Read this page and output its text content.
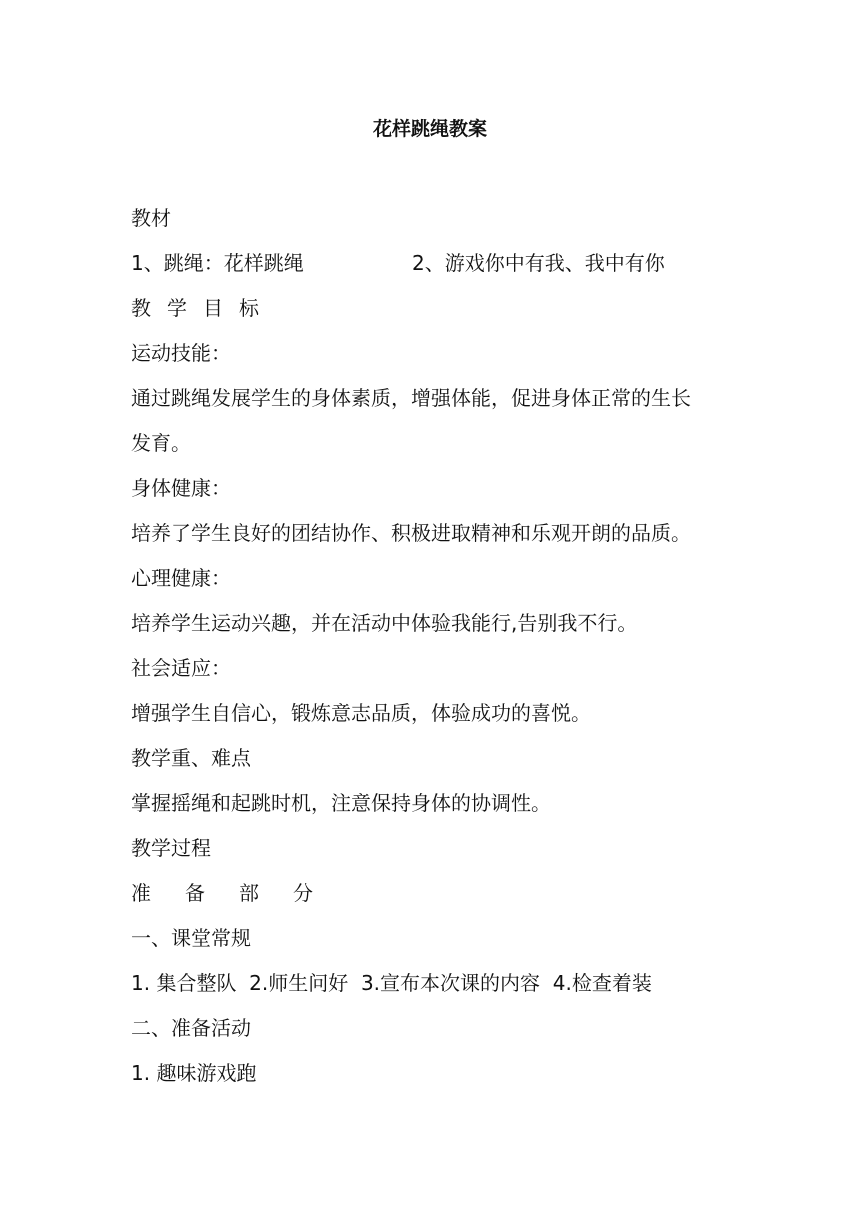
花样跳绳教案
教材
1、跳绳：花样跳绳	2、游戏你中有我、我中有你
教学目标
运动技能：
通过跳绳发展学生的身体素质，增强体能，促进身体正常的生长
发育。
身体健康：
培养了学生良好的团结协作、积极进取精神和乐观开朗的品质。
心理健康：
培养学生运动兴趣，并在活动中体验我能行,告别我不行。
社会适应：
增强学生自信心，锻炼意志品质，体验成功的喜悦。
教学重、难点
掌握摇绳和起跳时机，注意保持身体的协调性。
教学过程
准备部分
一、课堂常规
1. 集合整队  2.师生问好  3.宣布本次课的内容  4.检查着装
二、准备活动
1. 趣味游戏跑
